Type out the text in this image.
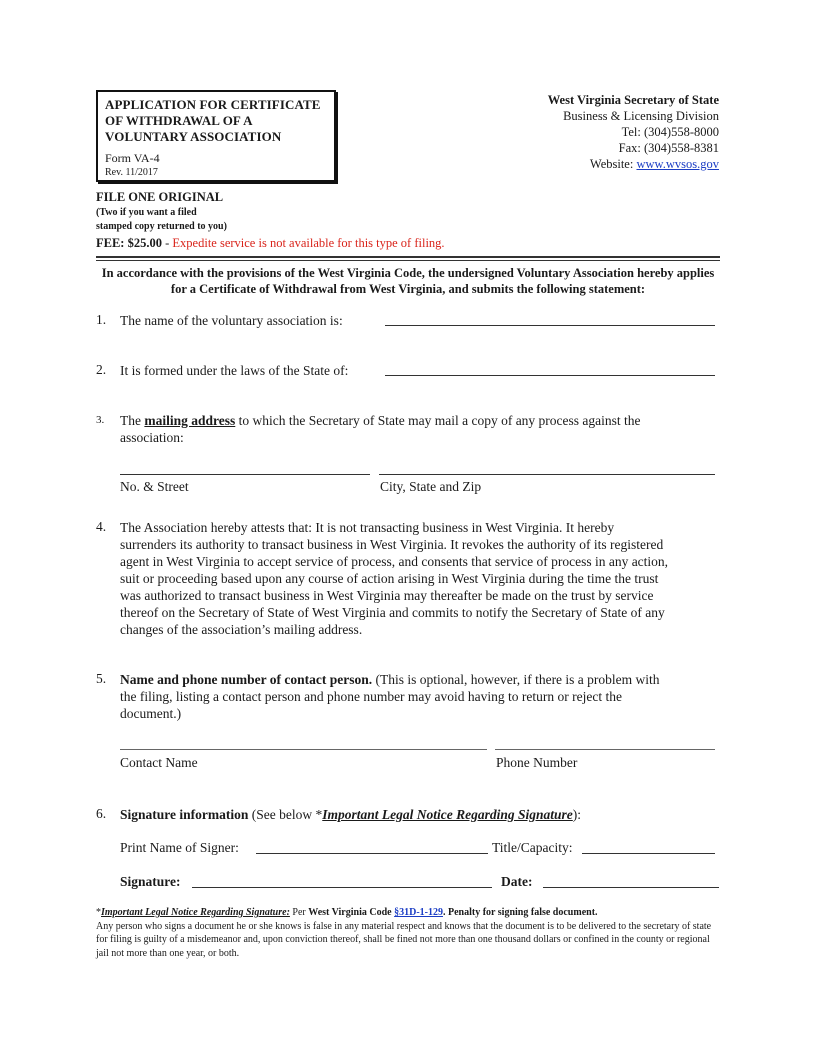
APPLICATION FOR CERTIFICATE
OF WITHDRAWAL OF A
VOLUNTARY ASSOCIATION
Form VA-4
Rev. 11/2017
West Virginia Secretary of State
Business & Licensing Division
Tel: (304)558-8000
Fax: (304)558-8381
Website: www.wvsos.gov
FILE ONE ORIGINAL
(Two if you want a filed
stamped copy returned to you)
FEE: $25.00 - Expedite service is not available for this type of filing.
In accordance with the provisions of the West Virginia Code, the undersigned Voluntary Association hereby applies for a Certificate of Withdrawal from West Virginia, and submits the following statement:
1. The name of the voluntary association is:
2. It is formed under the laws of the State of:
3. The mailing address to which the Secretary of State may mail a copy of any process against the
association:
No. & Street	City, State and Zip
4. The Association hereby attests that: It is not transacting business in West Virginia. It hereby
surrenders its authority to transact business in West Virginia. It revokes the authority of its registered
agent in West Virginia to accept service of process, and consents that service of process in any action,
suit or proceeding based upon any course of action arising in West Virginia during the time the trust
was authorized to transact business in West Virginia may thereafter be made on the trust by service
thereof on the Secretary of State of West Virginia and commits to notify the Secretary of State of any
changes of the association’s mailing address.
5. Name and phone number of contact person. (This is optional, however, if there is a problem with
the filing, listing a contact person and phone number may avoid having to return or reject the
document.)
Contact Name	Phone Number
6. Signature information (See below *Important Legal Notice Regarding Signature):
Print Name of Signer:	Title/Capacity:
Signature:	Date:
*Important Legal Notice Regarding Signature: Per West Virginia Code §31D-1-129. Penalty for signing false document.
Any person who signs a document he or she knows is false in any material respect and knows that the document is to be delivered to the secretary of state for filing is guilty of a misdemeanor and, upon conviction thereof, shall be fined not more than one thousand dollars or confined in the county or regional jail not more than one year, or both.
